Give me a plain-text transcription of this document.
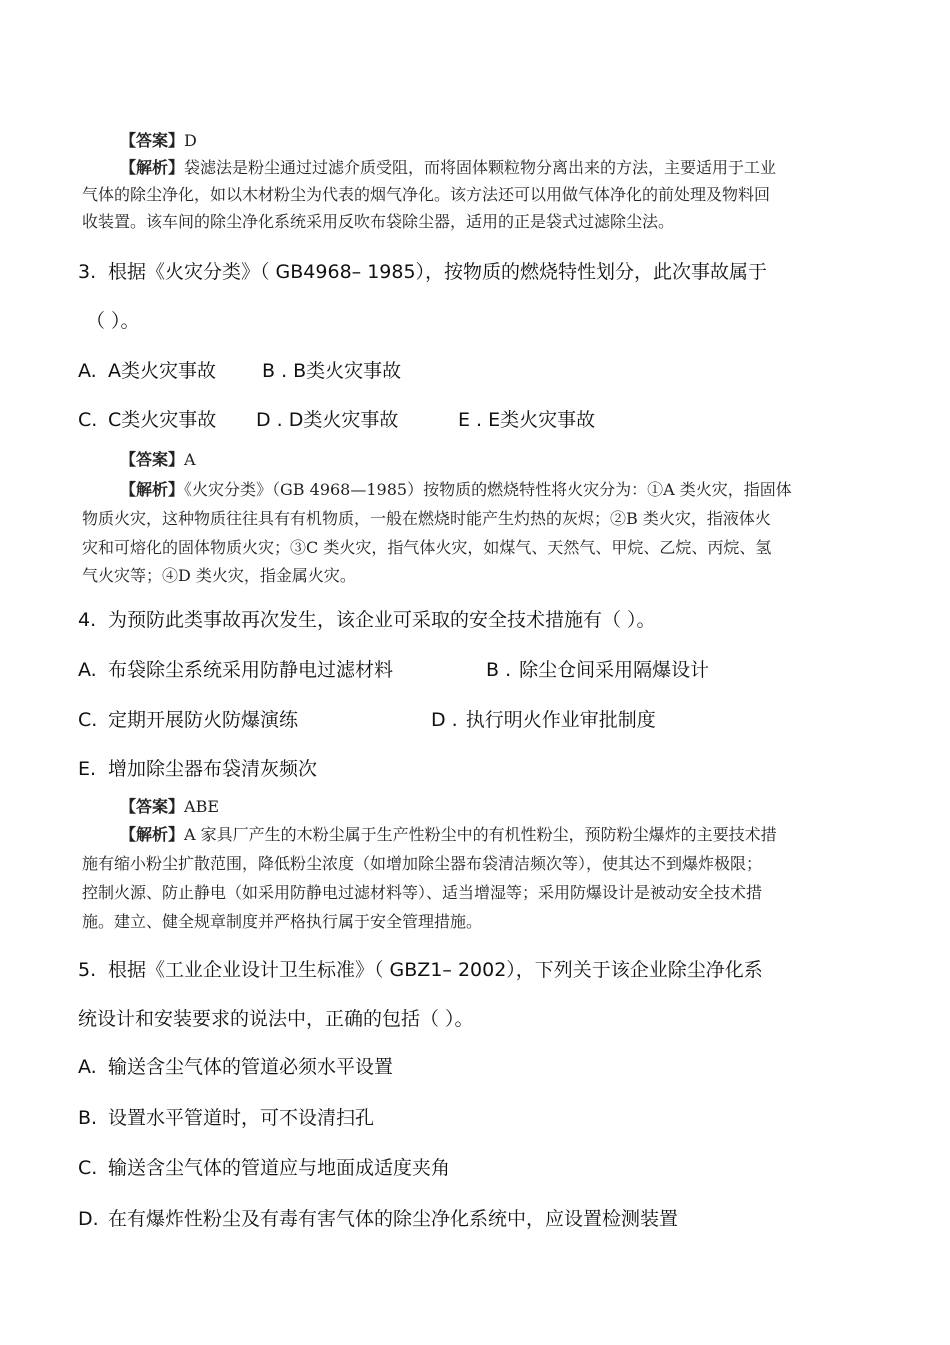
【答案】D
【解析】袋滤法是粉尘通过过滤介质受阻，而将固体颗粒物分离出来的方法，主要适用于工业
气体的除尘净化，如以木材粉尘为代表的烟气净化。该方法还可以用做气体净化的前处理及物料回
收装置。该车间的除尘净化系统采用反吹布袋除尘器，适用的正是袋式过滤除尘法。
3. 根据《火灾分类》（ GB4968– 1985），按物质的燃烧特性划分，此次事故属于
（ ）。
A. A类火灾事故 B . B类火灾事故
C. C类火灾事故 D . D类火灾事故	E . E类火灾事故
【答案】A
【解析】《火灾分类》（GB 4968—1985）按物质的燃烧特性将火灾分为：①A 类火灾，指固体
物质火灾，这种物质往往具有有机物质，一般在燃烧时能产生灼热的灰烬；②B 类火灾，指液体火
灾和可熔化的固体物质火灾；③C 类火灾，指气体火灾，如煤气、天然气、甲烷、乙烷、丙烷、氢
气火灾等；④D 类火灾，指金属火灾。
4. 为预防此类事故再次发生，该企业可采取的安全技术措施有（ ）。
A. 布袋除尘系统采用防静电过滤材料	B . 除尘仓间采用隔爆设计
C. 定期开展防火防爆演练	D . 执行明火作业审批制度
E. 增加除尘器布袋清灰频次
【答案】ABE
【解析】A 家具厂产生的木粉尘属于生产性粉尘中的有机性粉尘，预防粉尘爆炸的主要技术措
施有缩小粉尘扩散范围，降低粉尘浓度（如增加除尘器布袋清洁频次等），使其达不到爆炸极限；
控制火源、防止静电（如采用防静电过滤材料等）、适当增湿等；采用防爆设计是被动安全技术措
施。建立、健全规章制度并严格执行属于安全管理措施。
5. 根据《工业企业设计卫生标准》（ GBZ1– 2002），下列关于该企业除尘净化系
统设计和安装要求的说法中，正确的包括（ ）。
A. 输送含尘气体的管道必须水平设置
B. 设置水平管道时，可不设清扫孔
C. 输送含尘气体的管道应与地面成适度夹角
D. 在有爆炸性粉尘及有毒有害气体的除尘净化系统中，应设置检测装置
